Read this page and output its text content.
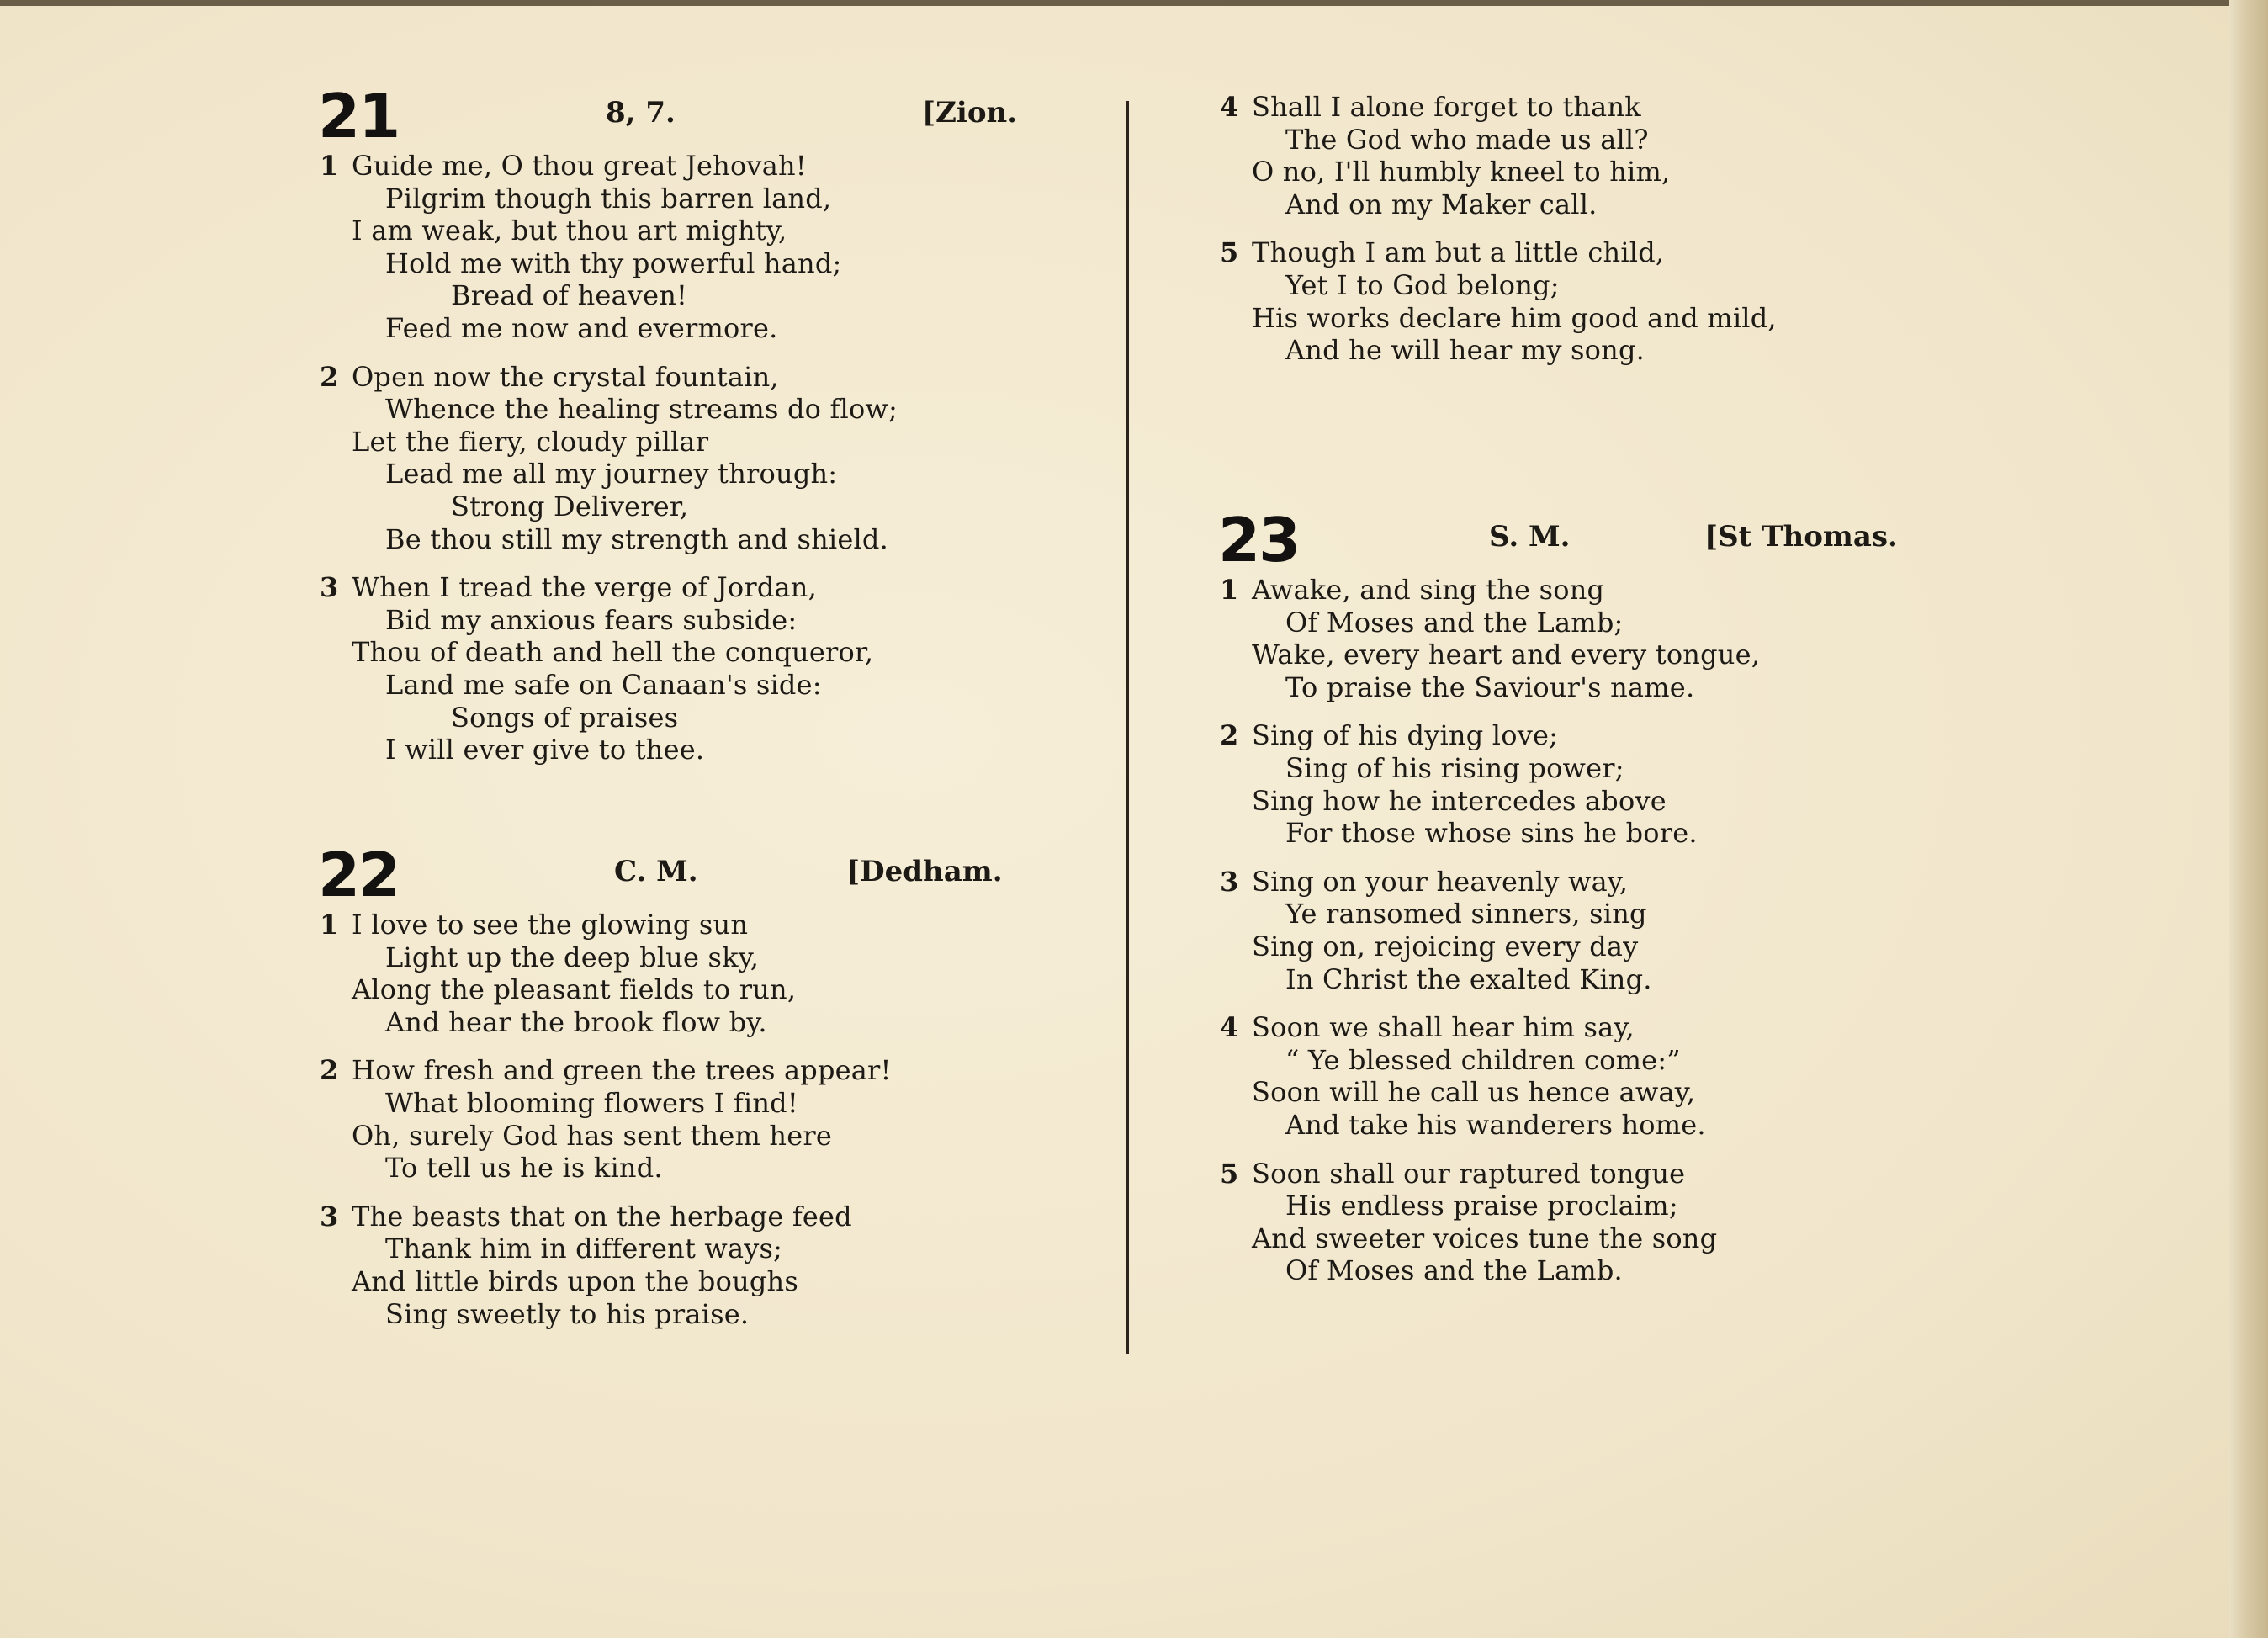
21	8, 7.	[Zion.
1 Guide me, O thou great Jehovah!
Pilgrim though this barren land,
I am weak, but thou art mighty,
Hold me with thy powerful hand;
Bread of heaven!
Feed me now and evermore.
2 Open now the crystal fountain,
Whence the healing streams do flow;
Let the fiery, cloudy pillar
Lead me all my journey through:
Strong Deliverer,
Be thou still my strength and shield.
3 When I tread the verge of Jordan,
Bid my anxious fears subside:
Thou of death and hell the conqueror,
Land me safe on Canaan's side:
Songs of praises
I will ever give to thee.
22	C. M.	[Dedham.
1 I love to see the glowing sun
Light up the deep blue sky,
Along the pleasant fields to run,
And hear the brook flow by.
2 How fresh and green the trees appear!
What blooming flowers I find!
Oh, surely God has sent them here
To tell us he is kind.
3 The beasts that on the herbage feed
Thank him in different ways;
And little birds upon the boughs
Sing sweetly to his praise.
4 Shall I alone forget to thank
The God who made us all?
O no, I'll humbly kneel to him,
And on my Maker call.
5 Though I am but a little child,
Yet I to God belong;
His works declare him good and mild,
And he will hear my song.
23	S. M.	[St Thomas.
1 Awake, and sing the song
Of Moses and the Lamb;
Wake, every heart and every tongue,
To praise the Saviour's name.
2 Sing of his dying love;
Sing of his rising power;
Sing how he intercedes above
For those whose sins he bore.
3 Sing on your heavenly way,
Ye ransomed sinners, sing
Sing on, rejoicing every day
In Christ the exalted King.
4 Soon we shall hear him say,
“ Ye blessed children come:”
Soon will he call us hence away,
And take his wanderers home.
5 Soon shall our raptured tongue
His endless praise proclaim;
And sweeter voices tune the song
Of Moses and the Lamb.
